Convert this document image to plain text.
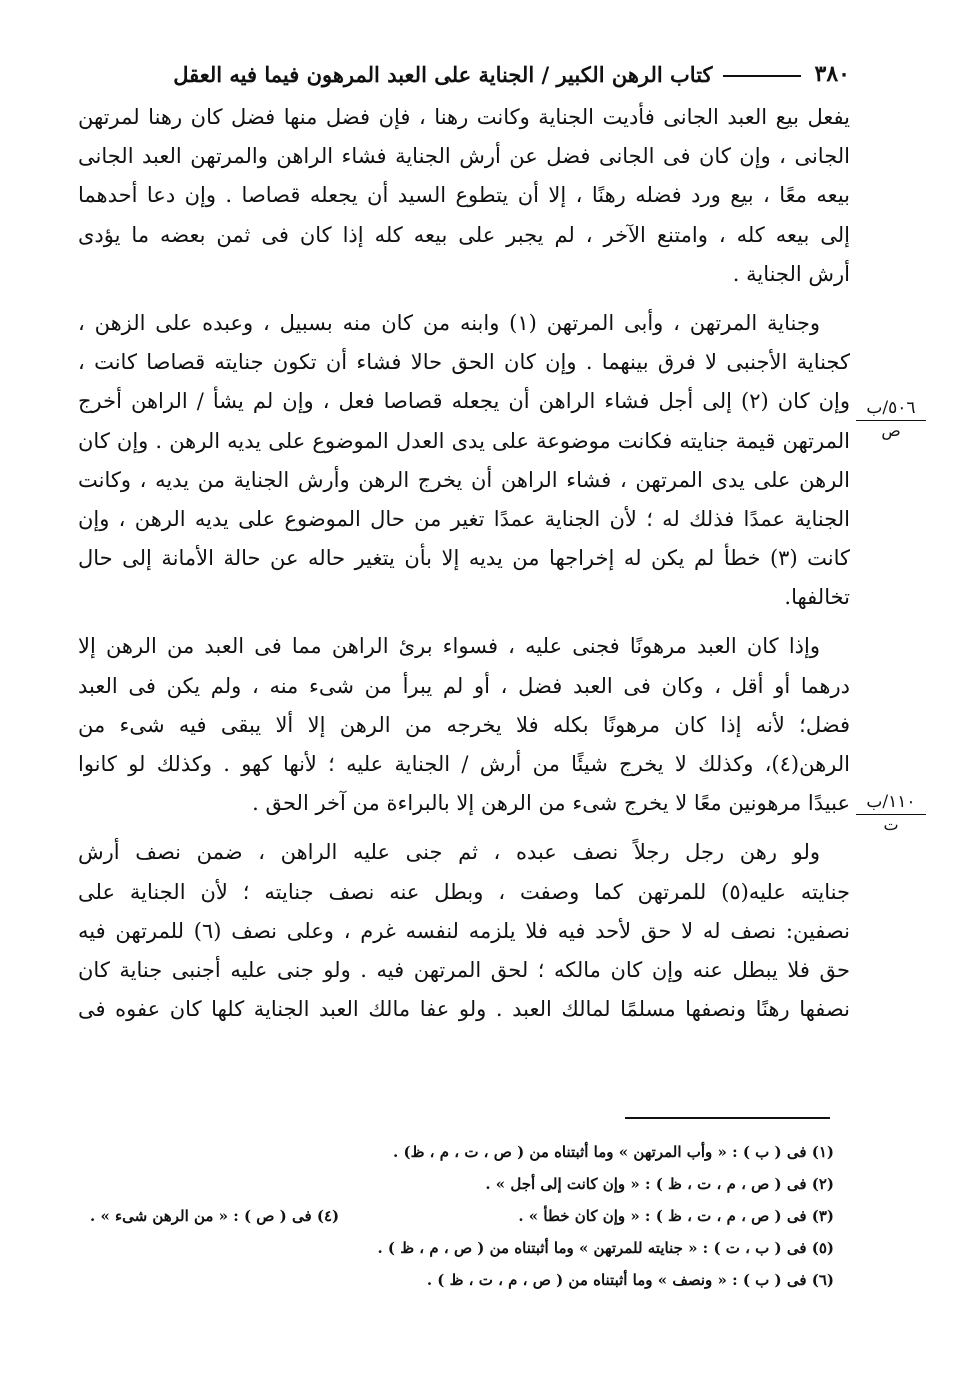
٣٨٠
كتاب الرهن الكبير / الجناية على العبد المرهون فيما فيه العقل

يفعل بيع العبد الجانى فأديت الجناية وكانت رهنا ، فإن فضل منها فضل كان رهنا لمرتهن
الجانى ، وإن كان فى الجانى فضل عن أرش الجناية فشاء الراهن والمرتهن العبد الجانى
بيعه معًا ، بيع ورد فضله رهنًا ، إلا أن يتطوع السيد أن يجعله قصاصا . وإن دعا أحدهما
إلى بيعه كله ، وامتنع الآخر ، لم يجبر على بيعه كله إذا كان فى ثمن بعضه ما يؤدى
أرش الجناية .

وجناية المرتهن ، وأبى المرتهن (١) وابنه من كان منه بسبيل ، وعبده على الزهن ،
كجناية الأجنبى لا فرق بينهما . وإن كان الحق حالا فشاء أن تكون جنايته قصاصا كانت ،
وإن كان (٢) إلى أجل فشاء الراهن أن يجعله قصاصا فعل ، وإن لم يشأ / الراهن أخرج
المرتهن قيمة جنايته فكانت موضوعة على يدى العدل الموضوع على يديه الرهن . وإن كان
الرهن على يدى المرتهن ، فشاء الراهن أن يخرج الرهن وأرش الجناية من يديه ، وكانت
الجناية عمدًا فذلك له ؛ لأن الجناية عمدًا تغير من حال الموضوع على يديه الرهن ، وإن
كانت (٣) خطأ لم يكن له إخراجها من يديه إلا بأن يتغير حاله عن حالة الأمانة إلى حال
تخالفها.

وإذا كان العبد مرهونًا فجنى عليه ، فسواء برئ الراهن مما فى العبد من الرهن إلا
درهما أو أقل ، وكان فى العبد فضل ، أو لم يبرأ من شىء منه ، ولم يكن فى العبد
فضل؛ لأنه إذا كان مرهونًا بكله فلا يخرجه من الرهن إلا ألا يبقى فيه شىء من
الرهن(٤)، وكذلك لا يخرج شيئًا من أرش / الجناية عليه ؛ لأنها كهو . وكذلك لو كانوا
عبيدًا مرهونين معًا لا يخرج شىء من الرهن إلا بالبراءة من آخر الحق .

ولو رهن رجل رجلاً نصف عبده ، ثم جنى عليه الراهن ، ضمن نصف أرش
جنايته عليه(٥) للمرتهن كما وصفت ، وبطل عنه نصف جنايته ؛ لأن الجناية على
نصفين: نصف له لا حق لأحد فيه فلا يلزمه لنفسه غرم ، وعلى نصف (٦) للمرتهن فيه
حق فلا يبطل عنه وإن كان مالكه ؛ لحق المرتهن فيه . ولو جنى عليه أجنبى جناية كان
نصفها رهنًا ونصفها مسلمًا لمالك العبد . ولو عفا مالك العبد الجناية كلها كان عفوه فى

٥٠٦/ب
ص
١١٠/ب
ت
(١) فى ( ب ) : « وأب المرتهن » وما أثبتناه من ( ص ، ت ، م ، ظ) .
(٢) فى ( ص ، م ، ت ، ظ ) : « وإن كانت إلى أجل » .
(٣) فى ( ص ، م ، ت ، ظ ) : « وإن كان خطأ » .
(٤) فى ( ص ) : « من الرهن شىء » .
(٥) فى ( ب ، ت ) : « جنايته للمرتهن » وما أثبتناه من ( ص ، م ، ظ ) .
(٦) فى ( ب ) : « ونصف » وما أثبتناه من ( ص ، م ، ت ، ظ ) .
